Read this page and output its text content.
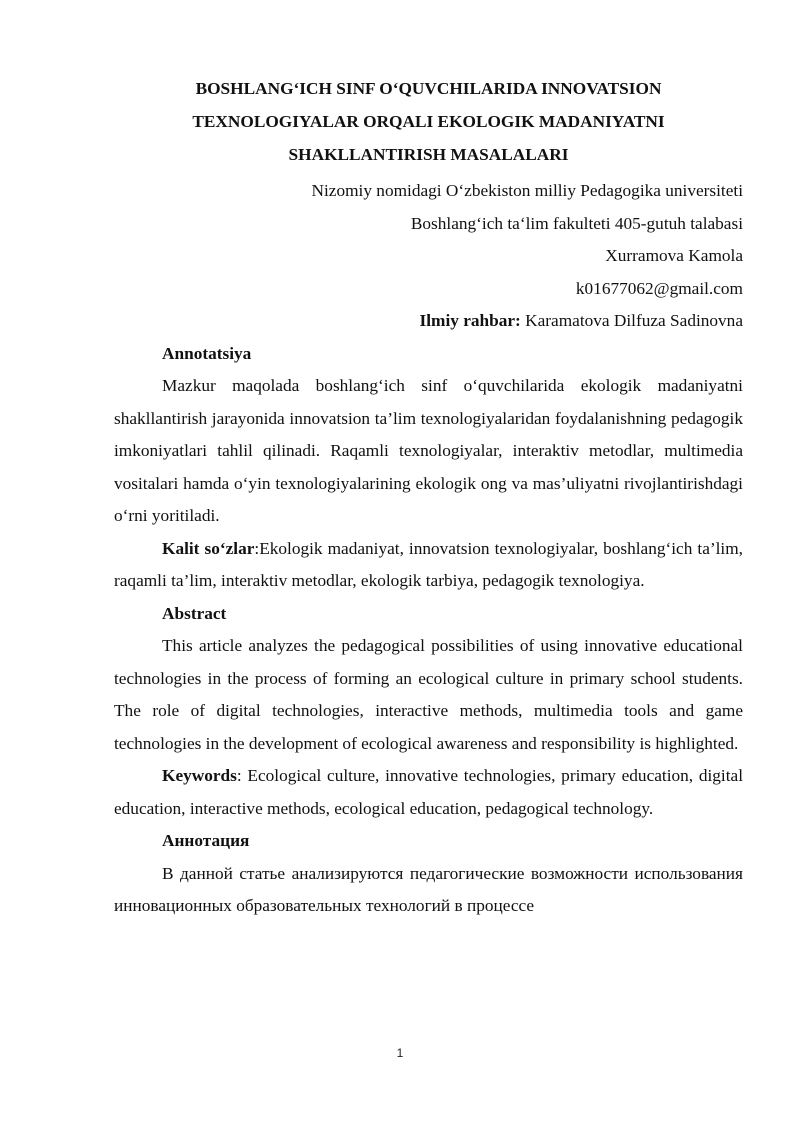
BOSHLANG‘ICH SINF O‘QUVCHILARIDA INNOVATSION
TEXNOLOGIYALAR ORQALI EKOLOGIK MADANIYATNI
SHAKLLANTIRISH MASALALARI

Nizomiy nomidagi O‘zbekiston milliy Pedagogika universiteti

Boshlang‘ich ta‘lim fakulteti 405-gutuh talabasi

Xurramova Kamola

k01677062@gmail.com

Ilmiy rahbar: Karamatova Dilfuza Sadinovna

Annotatsiya

Mazkur maqolada boshlang‘ich sinf o‘quvchilarida ekologik madaniyatni shakllantirish jarayonida innovatsion ta’lim texnologiyalaridan foydalanishning pedagogik imkoniyatlari tahlil qilinadi. Raqamli texnologiyalar, interaktiv metodlar, multimedia vositalari hamda o‘yin texnologiyalarining ekologik ong va mas’uliyatni rivojlantirishdagi o‘rni yoritiladi.

Kalit so‘zlar:Ekologik madaniyat, innovatsion texnologiyalar, boshlang‘ich ta’lim, raqamli ta’lim, interaktiv metodlar, ekologik tarbiya, pedagogik texnologiya.

Abstract

This article analyzes the pedagogical possibilities of using innovative educational technologies in the process of forming an ecological culture in primary school students. The role of digital technologies, interactive methods, multimedia tools and game technologies in the development of ecological awareness and responsibility is highlighted.

Keywords: Ecological culture, innovative technologies, primary education, digital education, interactive methods, ecological education, pedagogical technology.

Аннотация

В данной статье анализируются педагогические возможности использования инновационных образовательных технологий в процессе

1
